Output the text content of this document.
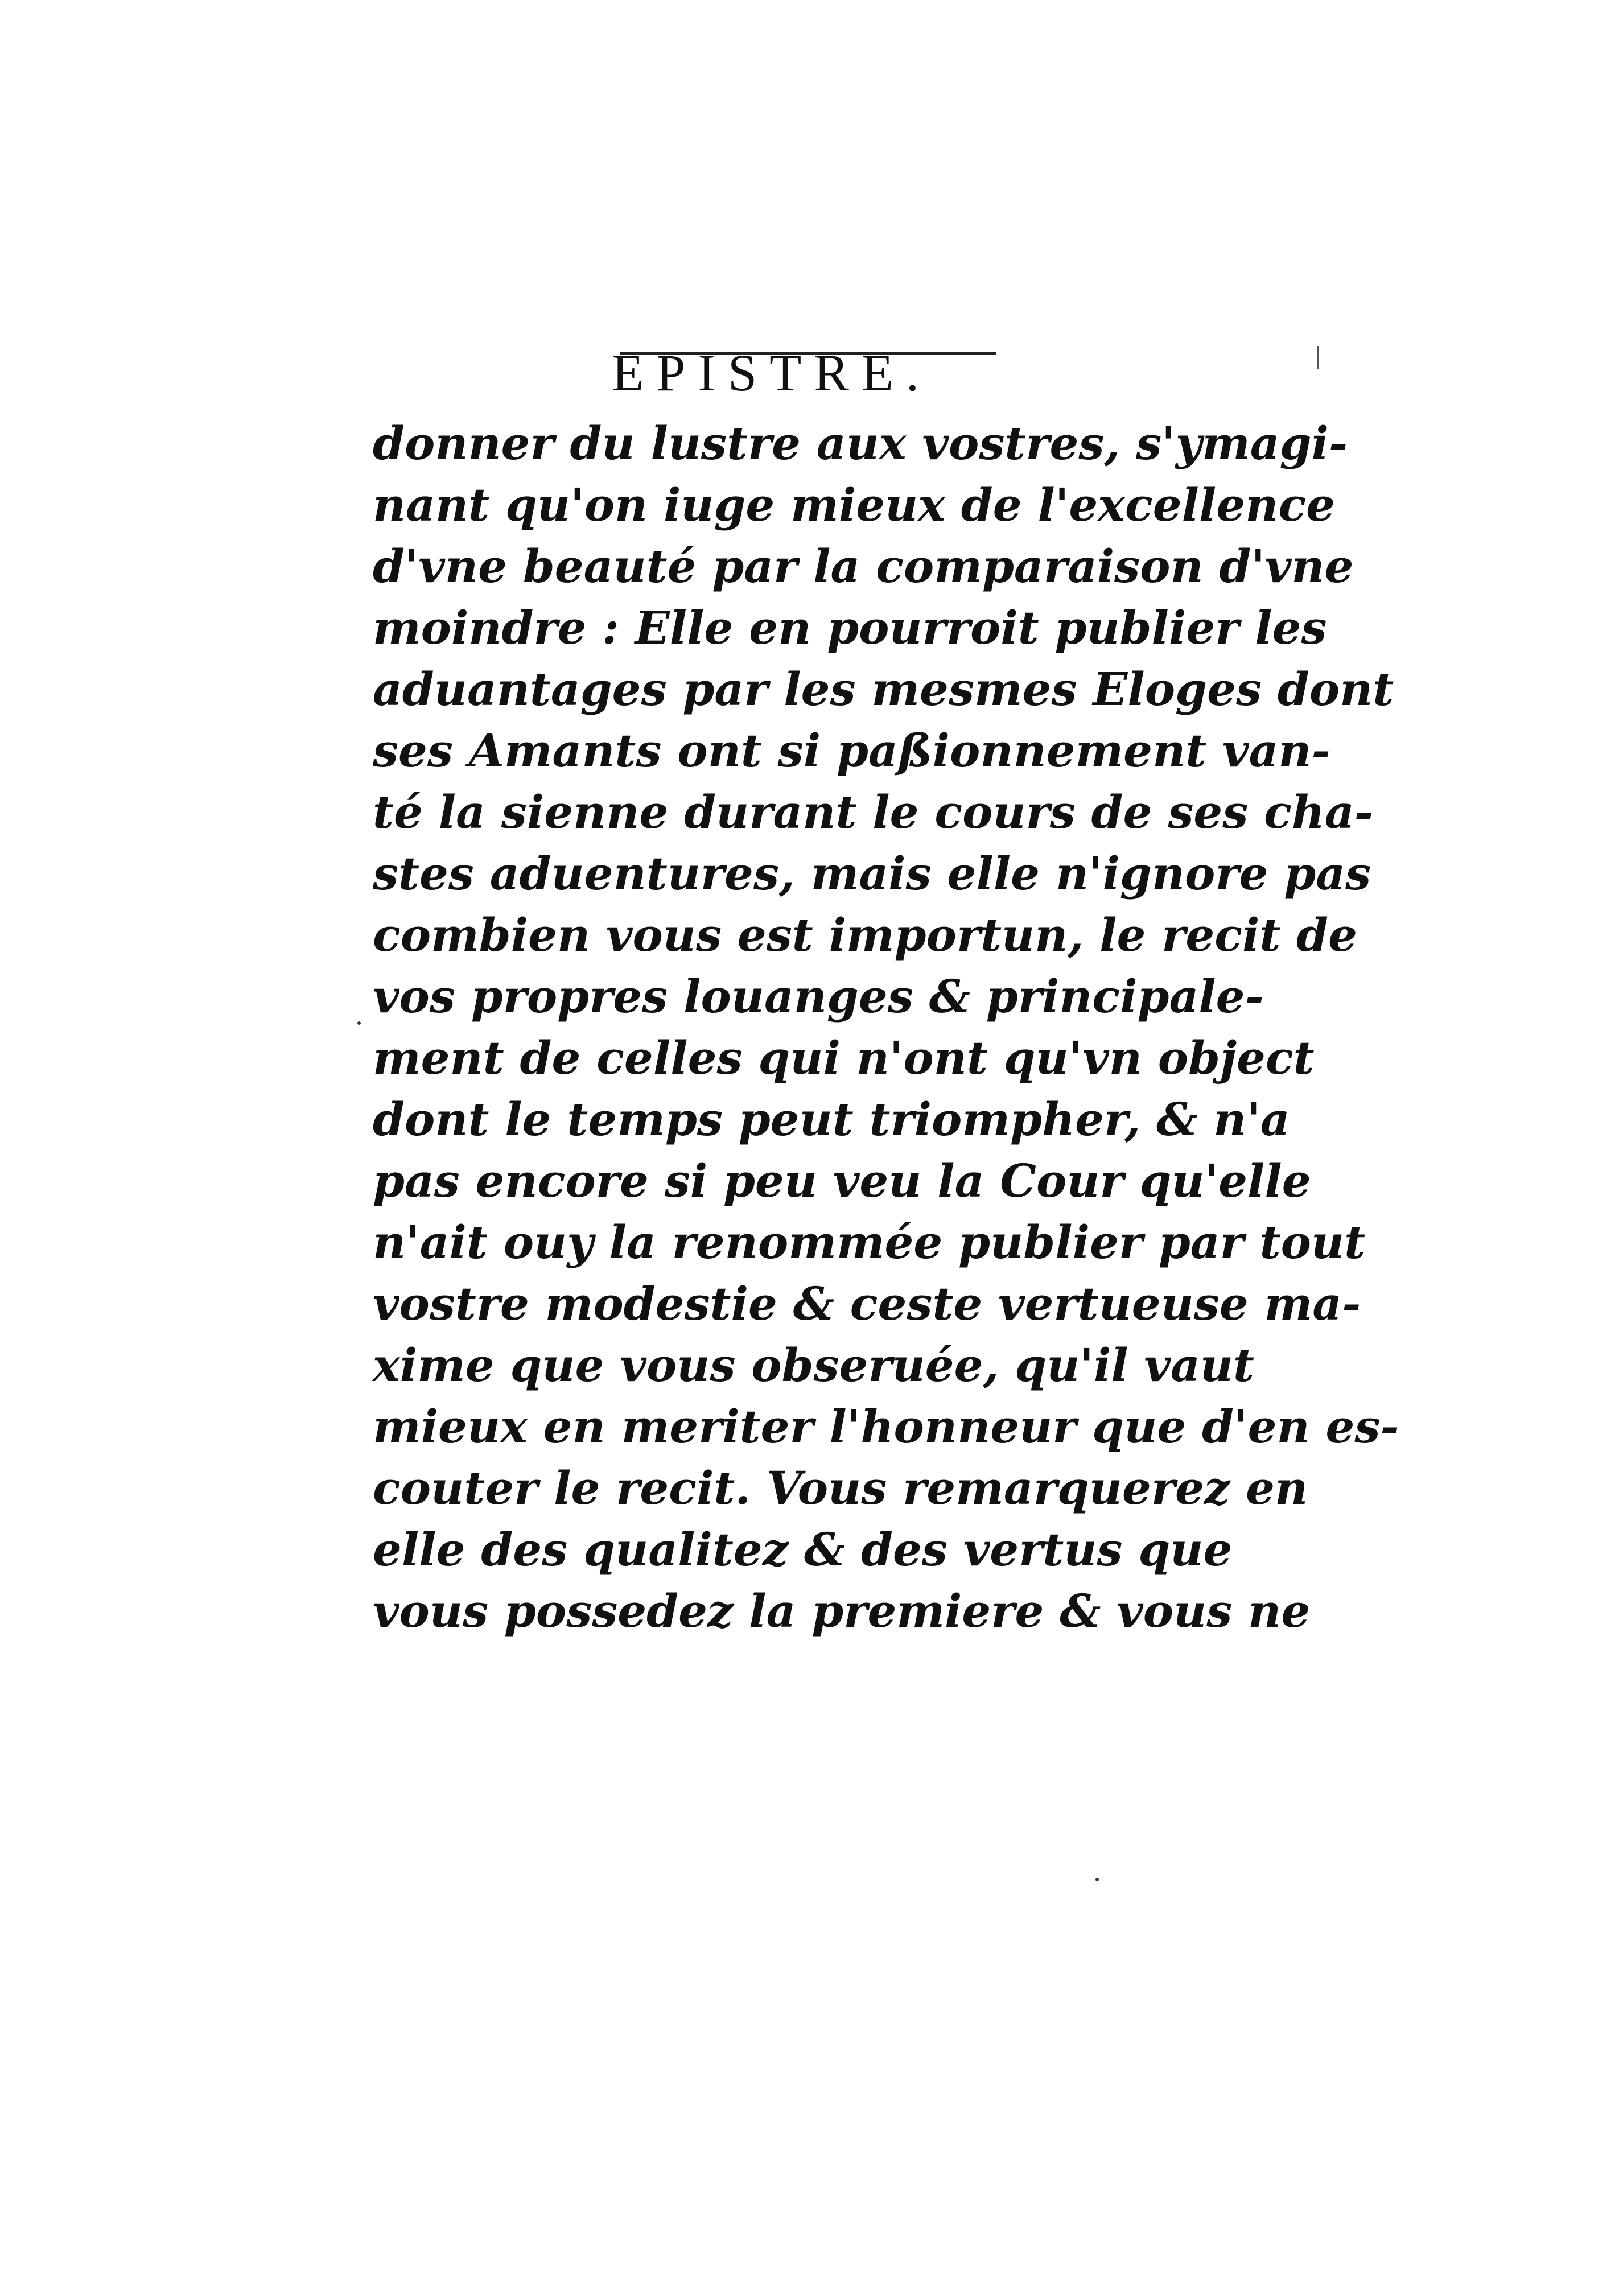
EPISTRE.
donner du lustre aux vostres, s'ymagi-
nant qu'on iuge mieux de l'excellence
d'vne beauté par la comparaison d'vne
moindre : Elle en pourroit publier les
aduantages par les mesmes Eloges dont
ses Amants ont si paßionnement van-
té la sienne durant le cours de ses cha-
stes aduentures, mais elle n'ignore pas
combien vous est importun, le recit de
vos propres louanges & principale-
ment de celles qui n'ont qu'vn object
dont le temps peut triompher, & n'a
pas encore si peu veu la Cour qu'elle
n'ait ouy la renommée publier par tout
vostre modestie & ceste vertueuse ma-
xime que vous obseruée, qu'il vaut
mieux en meriter l'honneur que d'en es-
couter le recit. Vous remarquerez en
elle des qualitez & des vertus que
vous possedez la premiere & vous ne
